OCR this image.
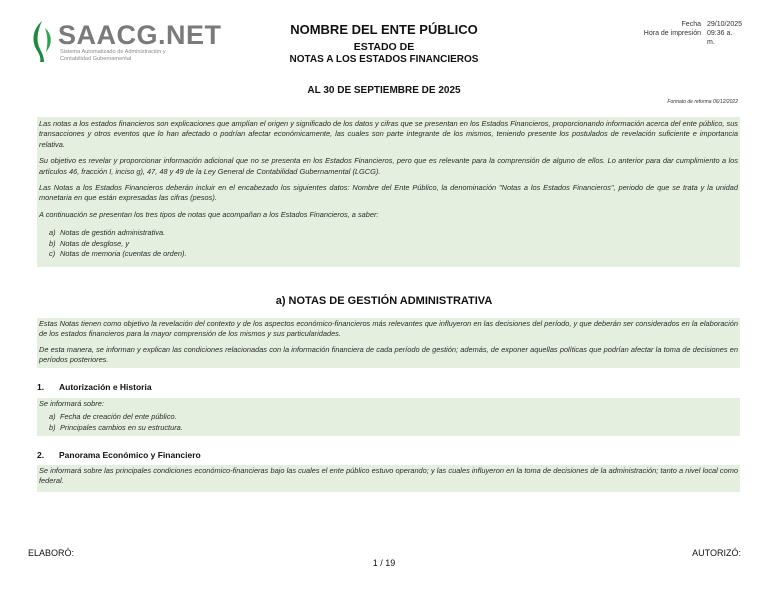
SAACG.NET
Sistema Automatizado de Administración y
Contabilidad Gubernamental
NOMBRE DEL ENTE PÚBLICO
ESTADO DE
NOTAS A LOS ESTADOS FINANCIEROS
AL 30 DE SEPTIEMBRE DE 2025
Fecha 29/10/2025
Hora de impresión 09:36 a. m.
Formato de reforma 06/12/2022

Las notas a los estados financieros son explicaciones que amplían el origen y significado de los datos y cifras que se presentan en los Estados Financieros, proporcionando información acerca del ente público, sus transacciones y otros eventos que lo han afectado o podrían afectar económicamente, las cuales son parte integrante de los mismos, teniendo presente los postulados de revelación suficiente e importancia relativa.

Su objetivo es revelar y proporcionar información adicional que no se presenta en los Estados Financieros, pero que es relevante para la comprensión de alguno de ellos. Lo anterior para dar cumplimiento a los artículos 46, fracción I, inciso g), 47, 48 y 49 de la Ley General de Contabilidad Gubernamental (LGCG).

Las Notas a los Estados Financieros deberán incluir en el encabezado los siguientes datos: Nombre del Ente Público, la denominación "Notas a los Estados Financieros", periodo de que se trata y la unidad monetaria en que están expresadas las cifras (pesos).

A continuación se presentan los tres tipos de notas que acompañan a los Estados Financieros, a saber:

a) Notas de gestión administrativa.
b) Notas de desglose, y
c) Notas de memoria (cuentas de orden).
a) NOTAS DE GESTIÓN ADMINISTRATIVA

Estas Notas tienen como objetivo la revelación del contexto y de los aspectos económico-financieros más relevantes que influyeron en las decisiones del período, y que deberán ser considerados en la elaboración de los estados financieros para la mayor comprensión de los mismos y sus particularidades.

De esta manera, se informan y explican las condiciones relacionadas con la información financiera de cada período de gestión; además, de exponer aquellas políticas que podrían afectar la toma de decisiones en períodos posteriores.

1. Autorización e Historia

Se informará sobre:

a) Fecha de creación del ente público.
b) Principales cambios en su estructura.
2. Panorama Económico y Financiero

Se informará sobre las principales condiciones económico-financieras bajo las cuales el ente público estuvo operando; y las cuales influyeron en la toma de decisiones de la administración; tanto a nivel local como federal.

ELABORÓ:	AUTORIZÓ:
1 / 19
